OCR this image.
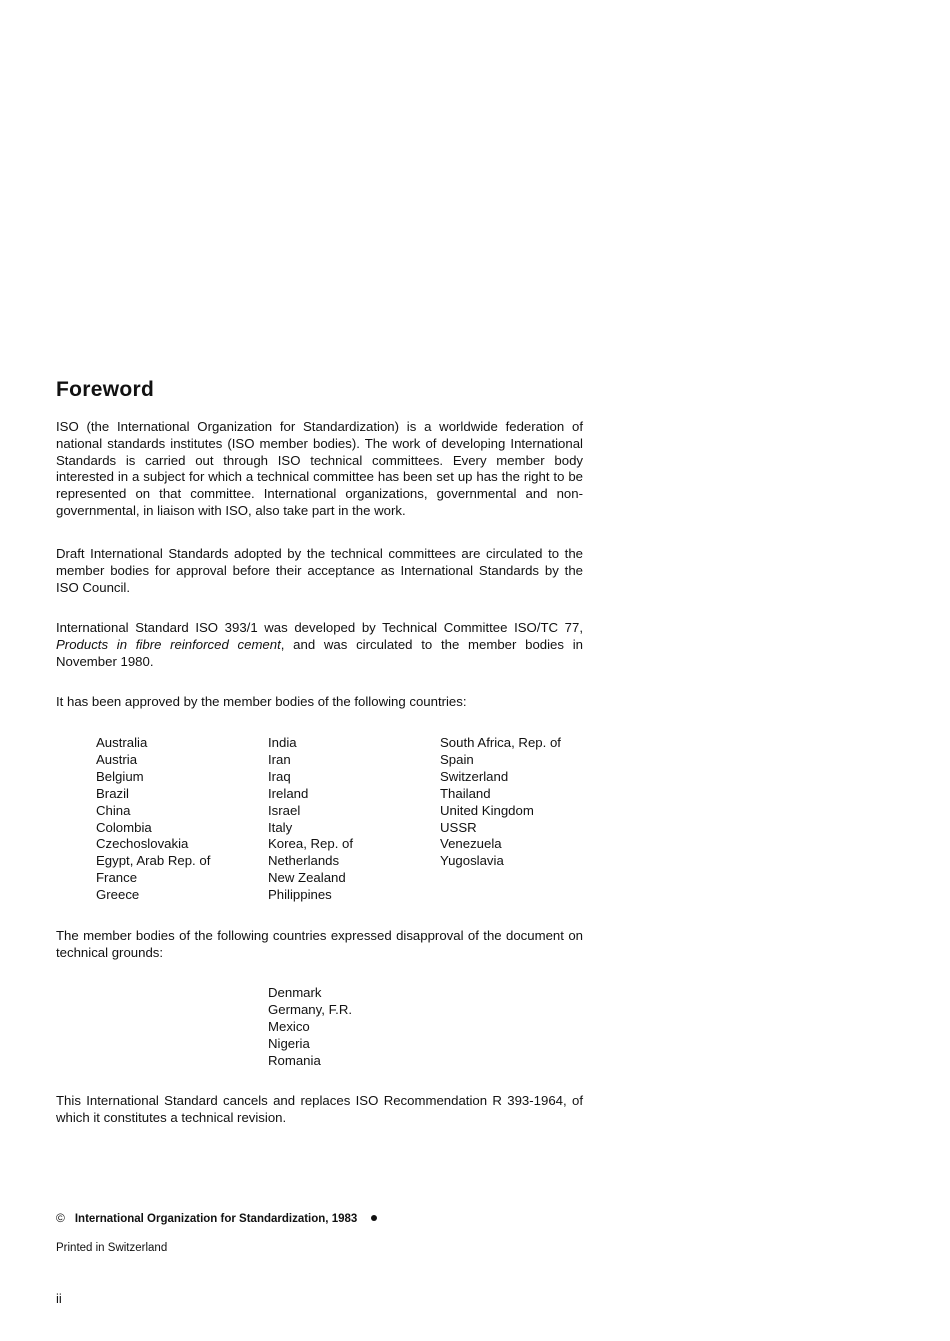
Foreword

ISO (the International Organization for Standardization) is a worldwide federation of national standards institutes (ISO member bodies). The work of developing International Standards is carried out through ISO technical committees. Every member body interested in a subject for which a technical committee has been set up has the right to be represented on that committee. International organizations, governmental and non-governmental, in liaison with ISO, also take part in the work.

Draft International Standards adopted by the technical committees are circulated to the member bodies for approval before their acceptance as International Standards by the ISO Council.

International Standard ISO 393/1 was developed by Technical Committee ISO/TC 77, Products in fibre reinforced cement, and was circulated to the member bodies in November 1980.

It has been approved by the member bodies of the following countries:

Australia
Austria
Belgium
Brazil
China
Colombia
Czechoslovakia
Egypt, Arab Rep. of
France
Greece
India
Iran
Iraq
Ireland
Israel
Italy
Korea, Rep. of
Netherlands
New Zealand
Philippines
South Africa, Rep. of
Spain
Switzerland
Thailand
United Kingdom
USSR
Venezuela
Yugoslavia

The member bodies of the following countries expressed disapproval of the document on technical grounds:

Denmark
Germany, F.R.
Mexico
Nigeria
Romania

This International Standard cancels and replaces ISO Recommendation R 393-1964, of which it constitutes a technical revision.

© International Organization for Standardization, 1983
Printed in Switzerland
ii
